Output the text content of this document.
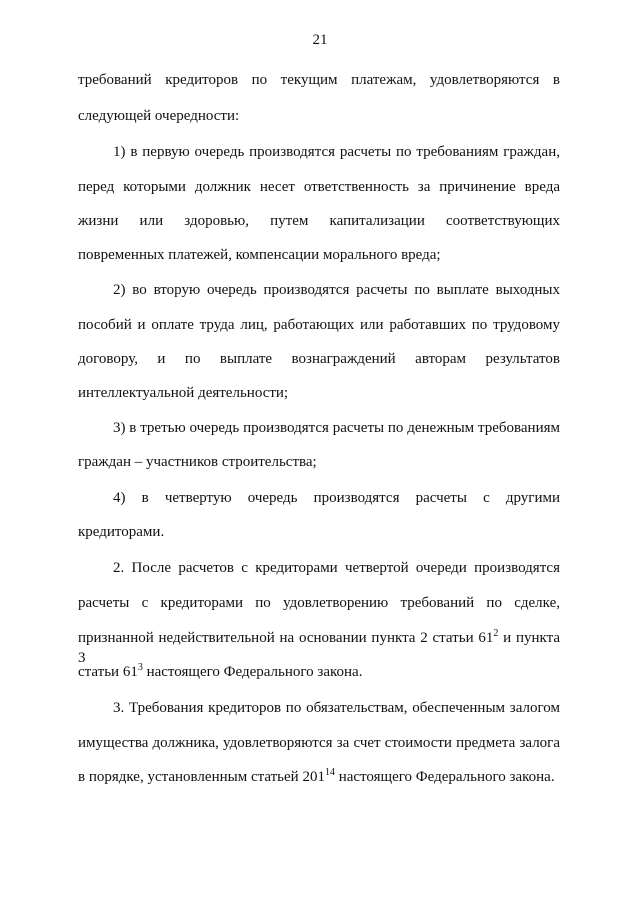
21
требований кредиторов по текущим платежам, удовлетворяются в
следующей очередности:
1) в первую очередь производятся расчеты по требованиям граждан,
перед которыми должник несет ответственность за причинение вреда
жизни или здоровью, путем капитализации соответствующих
повременных платежей, компенсации морального вреда;
2) во вторую очередь производятся расчеты по выплате выходных
пособий и оплате труда лиц, работающих или работавших по трудовому
договору, и по выплате вознаграждений авторам результатов
интеллектуальной деятельности;
3) в третью очередь производятся расчеты по денежным требованиям
граждан – участников строительства;
4) в четвертую очередь производятся расчеты с другими
кредиторами.
2. После расчетов с кредиторами четвертой очереди производятся
расчеты с кредиторами по удовлетворению требований по сделке,
признанной недействительной на основании пункта 2 статьи $61^2$ и пункта 3
статьи $61^3$ настоящего Федерального закона.
3. Требования кредиторов по обязательствам, обеспеченным залогом
имущества должника, удовлетворяются за счет стоимости предмета залога
в порядке, установленным статьей $201^{14}$ настоящего Федерального закона.
